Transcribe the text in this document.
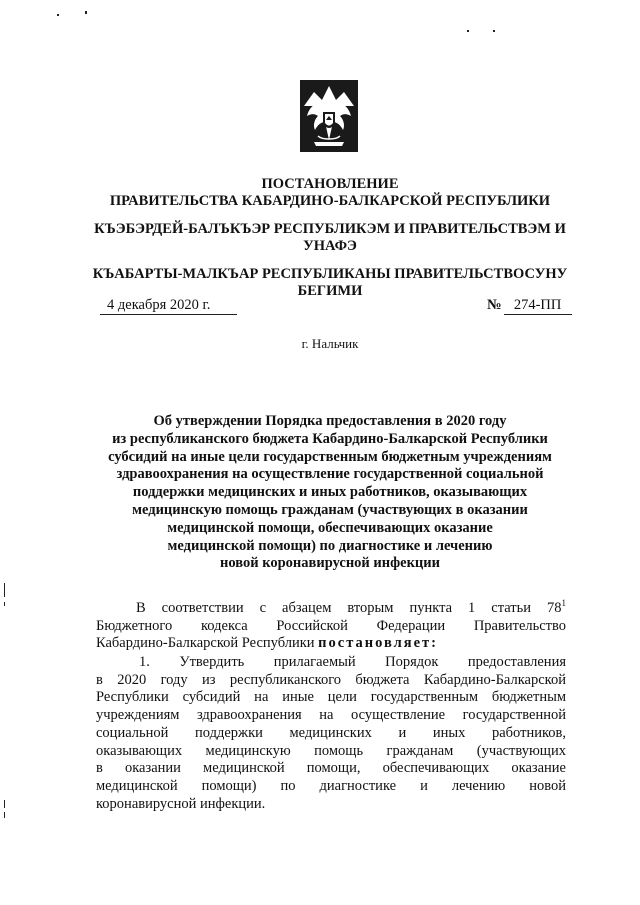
ПОСТАНОВЛЕНИЕ
ПРАВИТЕЛЬСТВА КАБАРДИНО-БАЛКАРСКОЙ РЕСПУБЛИКИ
КЪЭБЭРДЕЙ-БАЛЪКЪЭР РЕСПУБЛИКЭМ И ПРАВИТЕЛЬСТВЭМ И
УНАФЭ
КЪАБАРТЫ-МАЛКЪАР РЕСПУБЛИКАНЫ ПРАВИТЕЛЬСТВОСУНУ
БЕГИМИ
4 декабря 2020 г.	№ 274-ПП
г. Нальчик
Об утверждении Порядка предоставления в 2020 году
из республиканского бюджета Кабардино-Балкарской Республики
субсидий на иные цели государственным бюджетным учреждениям
здравоохранения на осуществление государственной социальной
поддержки медицинских и иных работников, оказывающих
медицинскую помощь гражданам (участвующих в оказании
медицинской помощи, обеспечивающих оказание
медицинской помощи) по диагностике и лечению
новой коронавирусной инфекции
В соответствии с абзацем вторым пункта 1 статьи $78^1$
Бюджетного кодекса Российской Федерации Правительство
Кабардино-Балкарской Республики постановляет:
1. Утвердить прилагаемый Порядок предоставления
в 2020 году из республиканского бюджета Кабардино-Балкарской
Республики субсидий на иные цели государственным бюджетным
учреждениям здравоохранения на осуществление государственной
социальной поддержки медицинских и иных работников,
оказывающих медицинскую помощь гражданам (участвующих
в оказании медицинской помощи, обеспечивающих оказание
медицинской помощи) по диагностике и лечению новой
коронавирусной инфекции.
